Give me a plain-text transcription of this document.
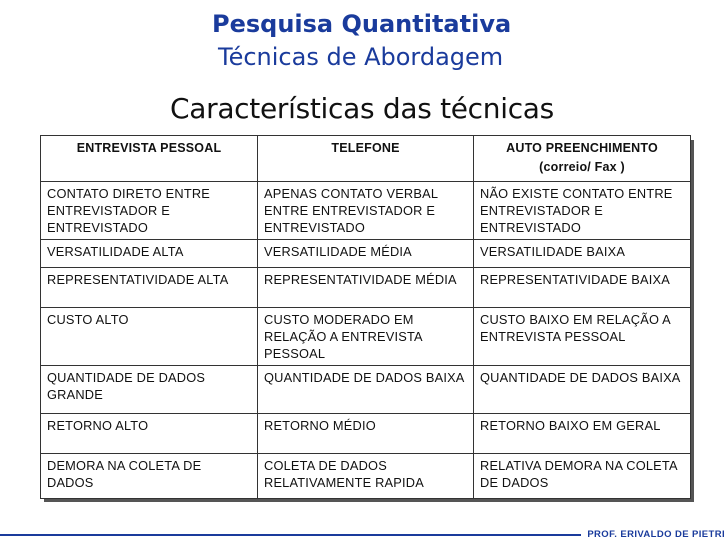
Pesquisa Quantitativa
Técnicas de Abordagem
Características das técnicas
ENTREVISTA PESSOAL	TELEFONE	AUTO PREENCHIMENTO
(correio/ Fax )

CONTATO DIRETO ENTRE ENTREVISTADOR E ENTREVISTADO	APENAS CONTATO VERBAL ENTRE ENTREVISTADOR E ENTREVISTADO	NÃO EXISTE CONTATO ENTRE ENTREVISTADOR E ENTREVISTADO
VERSATILIDADE ALTA	VERSATILIDADE MÉDIA	VERSATILIDADE BAIXA
REPRESENTATIVIDADE ALTA	REPRESENTATIVIDADE MÉDIA	REPRESENTATIVIDADE BAIXA
CUSTO ALTO	CUSTO MODERADO EM RELAÇÃO A ENTREVISTA PESSOAL	CUSTO BAIXO EM RELAÇÃO A ENTREVISTA PESSOAL
QUANTIDADE DE DADOS GRANDE	QUANTIDADE DE DADOS BAIXA	QUANTIDADE DE DADOS BAIXA
RETORNO ALTO	RETORNO MÉDIO	RETORNO BAIXO EM GERAL
DEMORA NA COLETA DE DADOS	COLETA DE DADOS RELATIVAMENTE RAPIDA	RELATIVA DEMORA NA COLETA DE DADOS
PROF. ERIVALDO DE PIETRI
